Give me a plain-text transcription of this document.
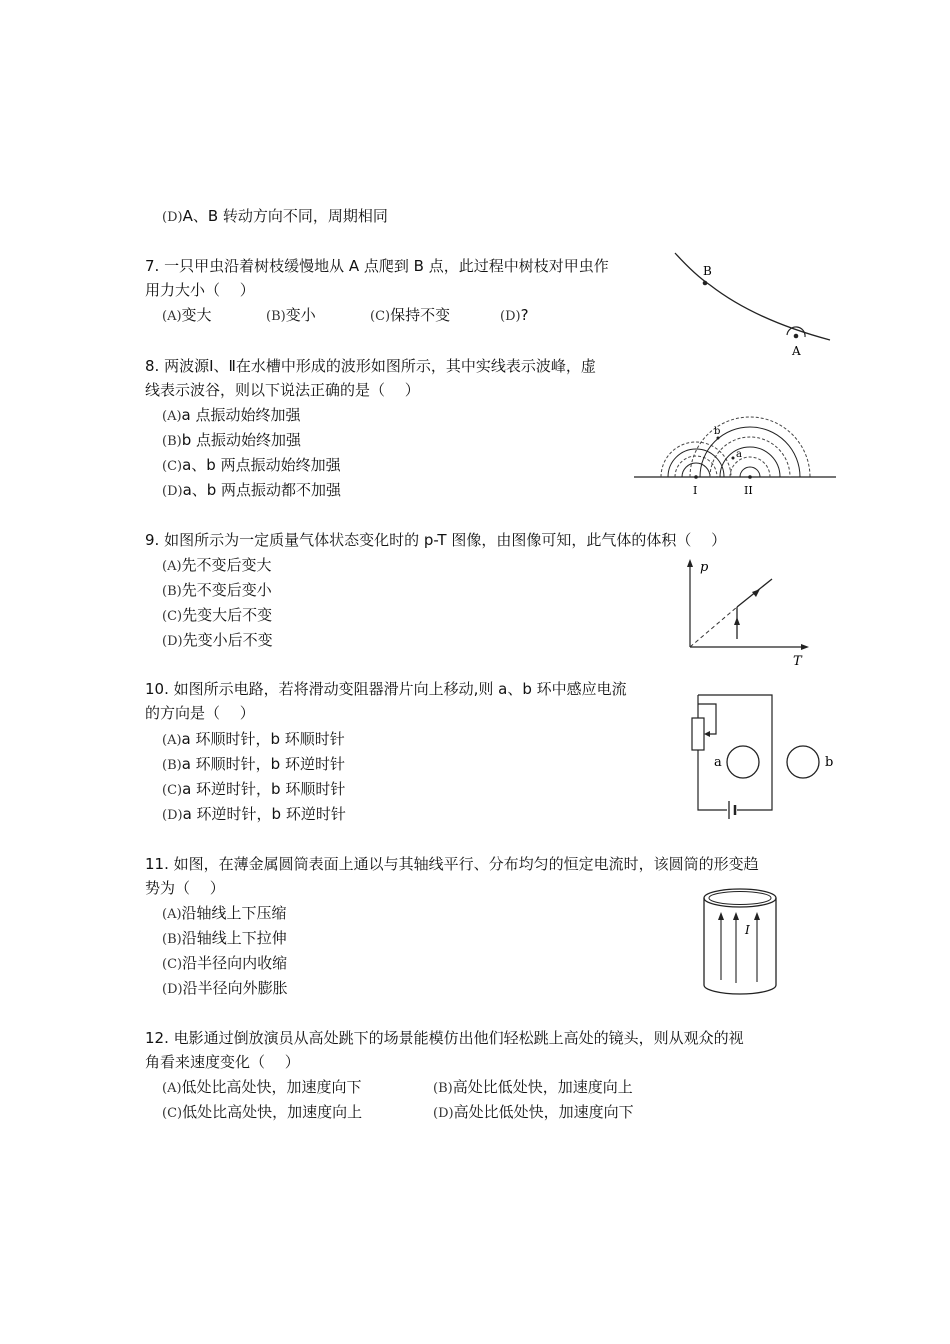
(D)A、B 转动方向不同，周期相同
7. 一只甲虫沿着树枝缓慢地从 A 点爬到 B 点，此过程中树枝对甲虫作
用力大小（　 ）
(A)变大	(B)变小	(C)保持不变	(D)?
B
A
8. 两波源Ⅰ、Ⅱ在水槽中形成的波形如图所示，其中实线表示波峰，虚
线表示波谷，则以下说法正确的是（　 ）
(A)a 点振动始终加强
(B)b 点振动始终加强
(C)a、b 两点振动始终加强
(D)a、b 两点振动都不加强	I	II
a
b
9. 如图所示为一定质量气体状态变化时的 p-T 图像，由图像可知，此气体的体积（　 ）
(A)先不变后变大
(B)先不变后变小
(C)先变大后不变
(D)先变小后不变
p
T
10. 如图所示电路，若将滑动变阻器滑片向上移动,则 a、b 环中感应电流
的方向是（　 ）
(A)a 环顺时针，b 环顺时针
(B)a 环顺时针，b 环逆时针
(C)a 环逆时针，b 环顺时针
(D)a 环逆时针，b 环逆时针
a	b
11. 如图，在薄金属圆筒表面上通以与其轴线平行、分布均匀的恒定电流时，该圆筒的形变趋
势为（　 ）
(A)沿轴线上下压缩
(B)沿轴线上下拉伸
(C)沿半径向内收缩
(D)沿半径向外膨胀
I
12. 电影通过倒放演员从高处跳下的场景能模仿出他们轻松跳上高处的镜头，则从观众的视
角看来速度变化（　 ）
(A)低处比高处快，加速度向下	(B)高处比低处快，加速度向上
(C)低处比高处快，加速度向上	(D)高处比低处快，加速度向下
